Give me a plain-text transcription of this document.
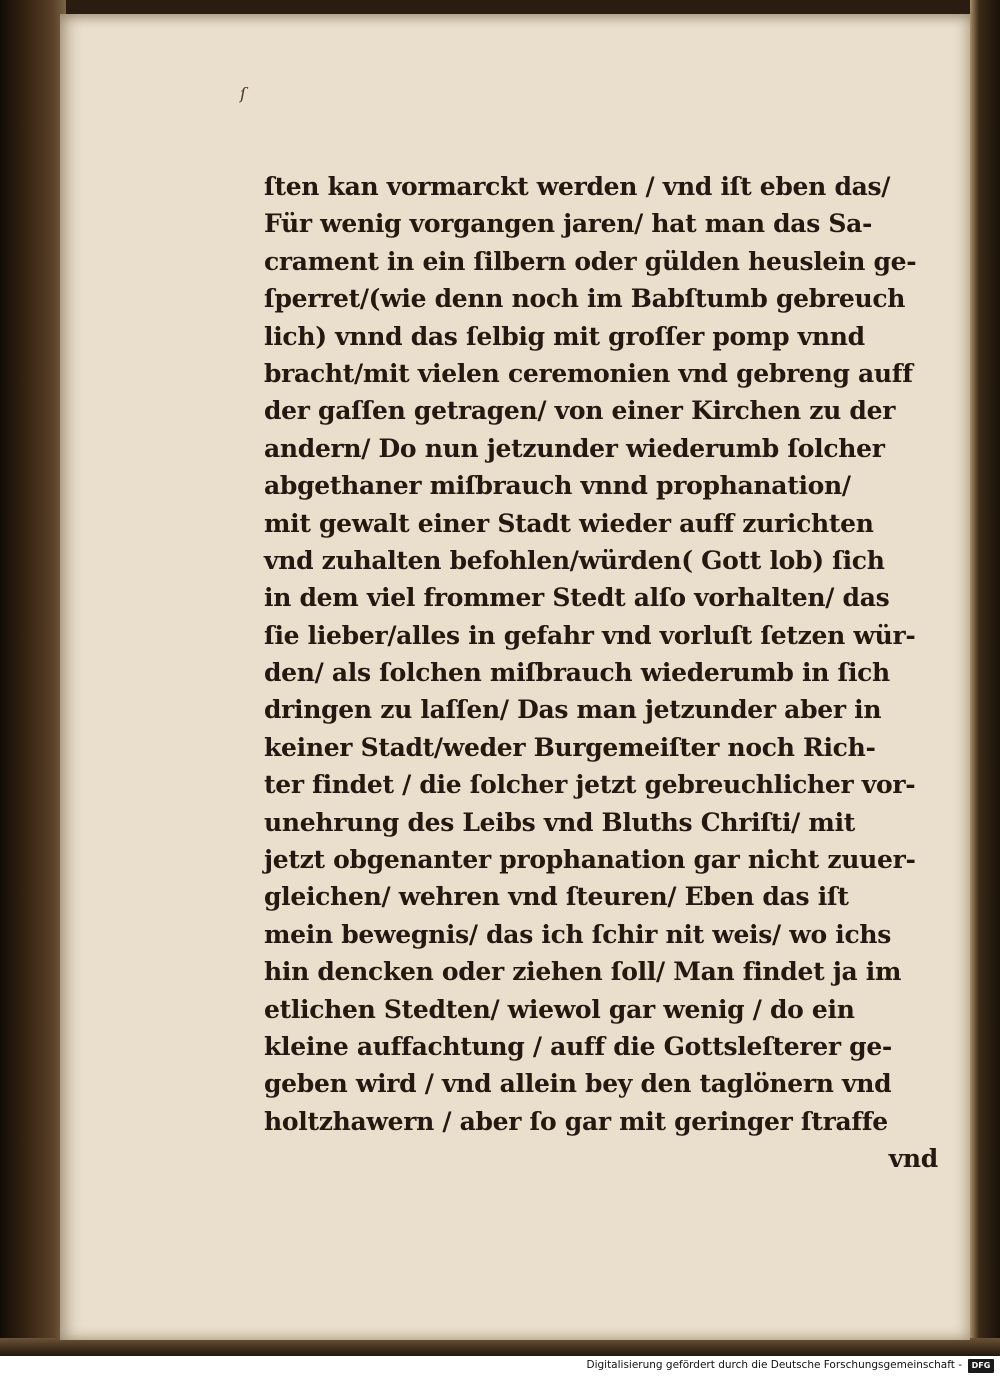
ſ
ſten kan vormarckt werden / vnd iſt eben das/
Für wenig vorgangen jaren/ hat man das Sa-
crament in ein ſilbern oder gülden heuslein ge-
ſperret/(wie denn noch im Babſtumb gebreuch
lich) vnnd das ſelbig mit groſſer pomp vnnd
bracht/mit vielen ceremonien vnd gebreng auff
der gaſſen getragen/ von einer Kirchen zu der
andern/ Do nun jetzunder wiederumb ſolcher
abgethaner miſbrauch vnnd prophanation/
mit gewalt einer Stadt wieder auff zurichten
vnd zuhalten befohlen/würden( Gott lob) ſich
in dem viel frommer Stedt alſo vorhalten/ das
ſie lieber/alles in gefahr vnd vorluſt ſetzen wür-
den/ als ſolchen miſbrauch wiederumb in ſich
dringen zu laſſen/ Das man jetzunder aber in
keiner Stadt/weder Burgemeiſter noch Rich-
ter findet / die ſolcher jetzt gebreuchlicher vor-
unehrung des Leibs vnd Bluths Chriſti/ mit
jetzt obgenanter prophanation gar nicht zuuer-
gleichen/ wehren vnd ſteuren/ Eben das iſt
mein bewegnis/ das ich ſchir nit weis/ wo ichs
hin dencken oder ziehen ſoll/ Man findet ja im
etlichen Stedten/ wiewol gar wenig / do ein
kleine auffachtung / auff die Gottsleſterer ge-
geben wird / vnd allein bey den taglönern vnd
holtzhawern / aber ſo gar mit geringer ſtraffe
vnd
Digitalisierung gefördert durch die Deutsche Forschungsgemeinschaft -	DFG
